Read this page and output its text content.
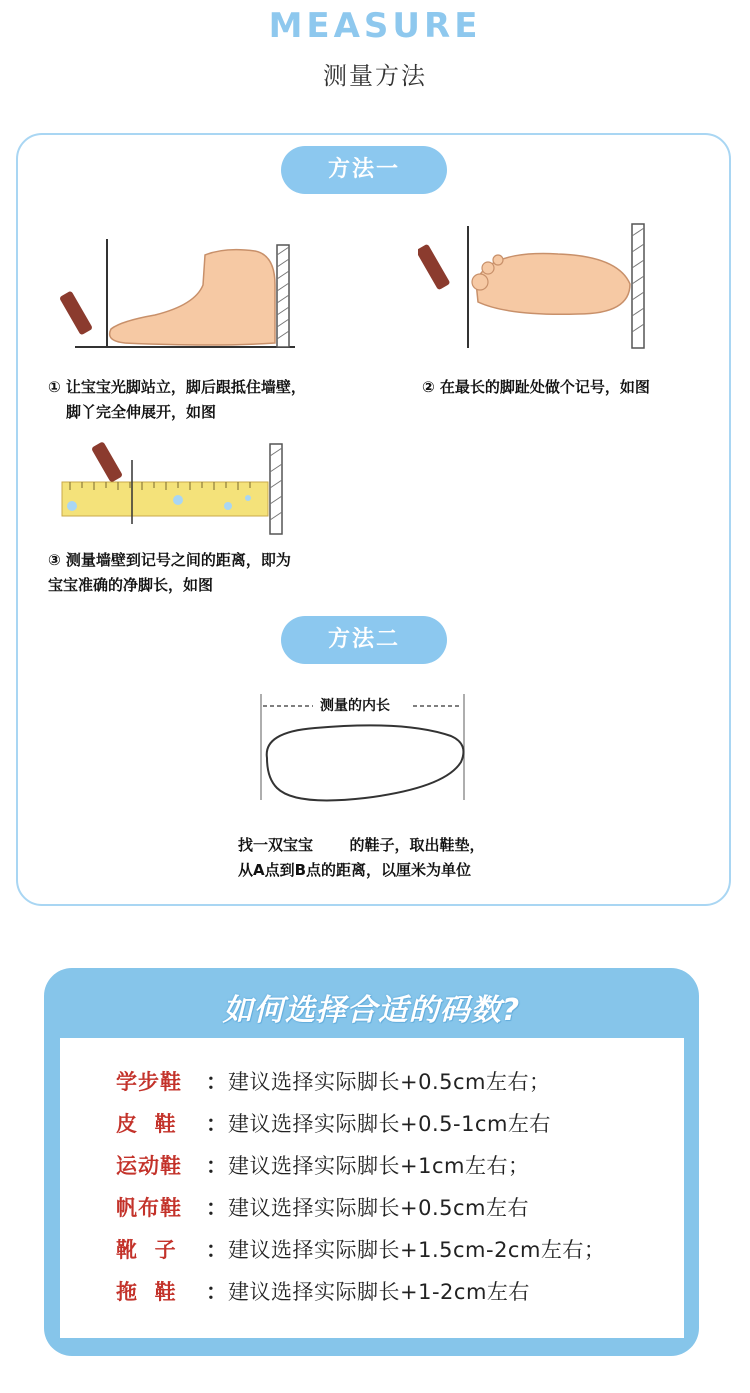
MEASURE
测量方法
方法一
① 让宝宝光脚站立，脚后跟抵住墙壁，
脚丫完全伸展开，如图
② 在最长的脚趾处做个记号，如图
③ 测量墙壁到记号之间的距离，即为
宝宝准确的净脚长，如图
方法二
测量的内长
找一双宝宝       的鞋子，取出鞋垫，
从A点到B点的距离，以厘米为单位
如何选择合适的码数?
学步鞋 ：建议选择实际脚长+0.5cm左右；
皮  鞋 ：建议选择实际脚长+0.5-1cm左右
运动鞋 ：建议选择实际脚长+1cm左右；
帆布鞋 ：建议选择实际脚长+0.5cm左右
靴  子 ：建议选择实际脚长+1.5cm-2cm左右；
拖  鞋 ：建议选择实际脚长+1-2cm左右
